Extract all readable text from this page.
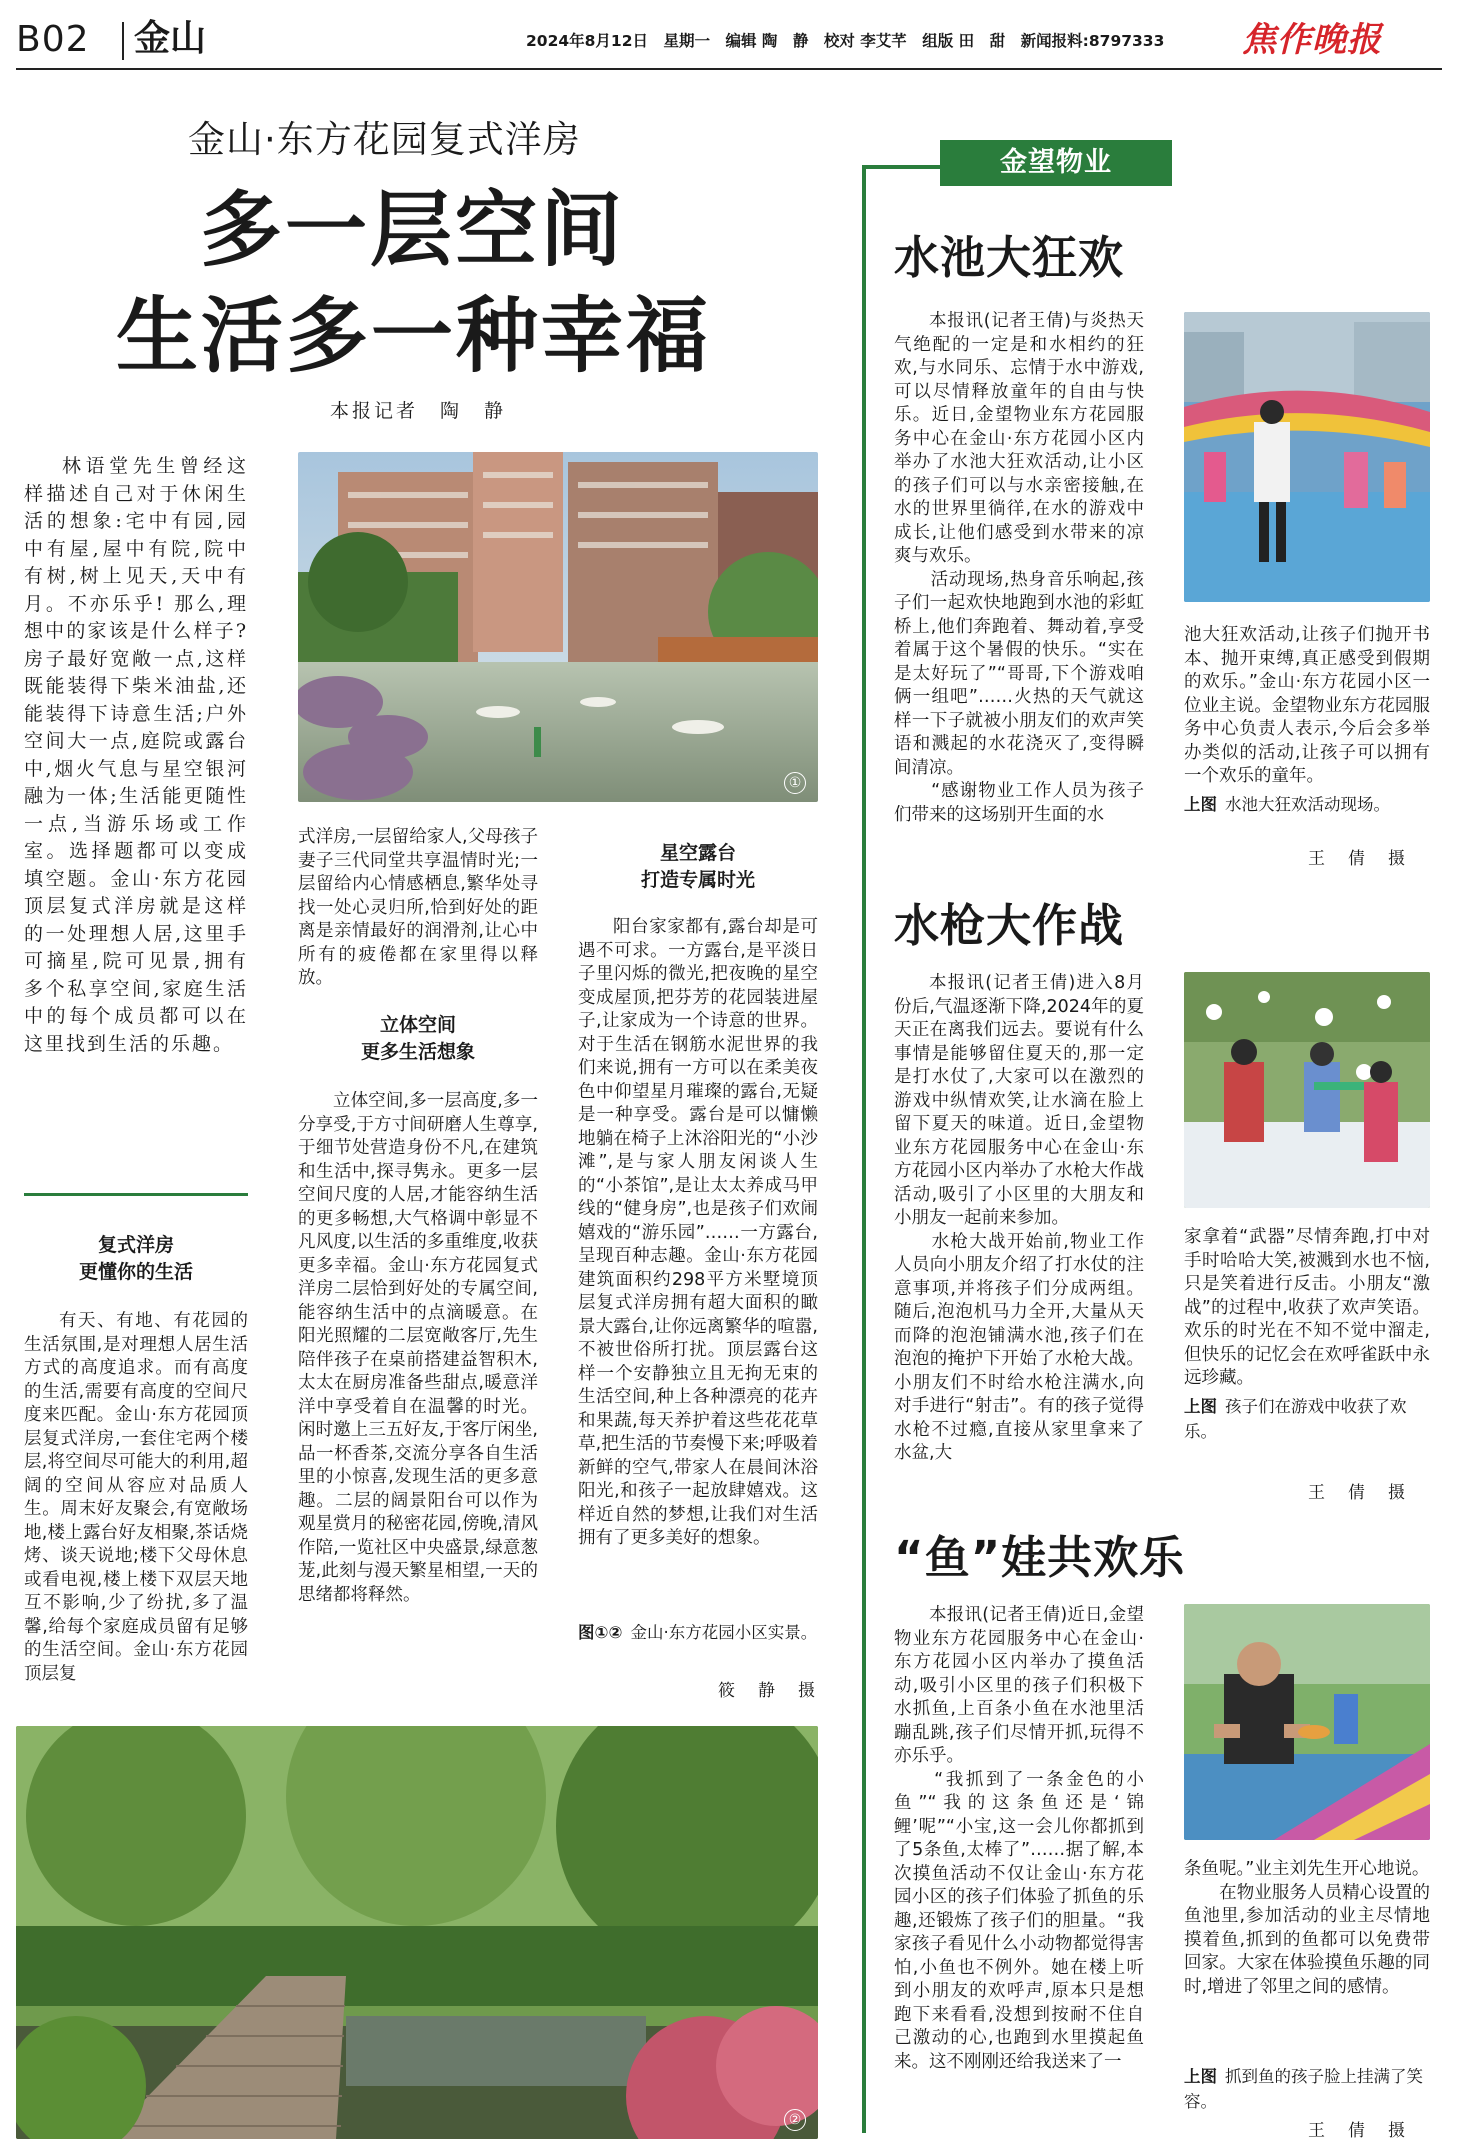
B02 金山	2024年8月12日　星期一　编辑 陶　静　校对 李艾芊　组版 田　甜　新闻报料:8797333 焦作晚报
金山·东方花园复式洋房
多一层空间
生活多一种幸福
本报记者　陶　静
林语堂先生曾经这样描述自己对于休闲生活的想象:宅中有园,园中有屋,屋中有院,院中有树,树上见天,天中有月。不亦乐乎! 那么,理想中的家该是什么样子? 房子最好宽敞一点,这样既能装得下柴米油盐,还能装得下诗意生活;户外空间大一点,庭院或露台中,烟火气息与星空银河融为一体;生活能更随性一点,当游乐场或工作室。选择题都可以变成填空题。金山·东方花园顶层复式洋房就是这样的一处理想人居,这里手可摘星,院可见景,拥有多个私享空间,家庭生活中的每个成员都可以在这里找到生活的乐趣。
复式洋房
更懂你的生活
有天、有地、有花园的生活氛围,是对理想人居生活方式的高度追求。而有高度的生活,需要有高度的空间尺度来匹配。金山·东方花园顶层复式洋房,一套住宅两个楼层,将空间尽可能大的利用,超阔的空间从容应对品质人生。周末好友聚会,有宽敞场地,楼上露台好友相聚,茶话烧烤、谈天说地;楼下父母休息或看电视,楼上楼下双层天地互不影响,少了纷扰,多了温馨,给每个家庭成员留有足够的生活空间。金山·东方花园顶层复
①
式洋房,一层留给家人,父母孩子妻子三代同堂共享温情时光;一层留给内心情感栖息,繁华处寻找一处心灵归所,恰到好处的距离是亲情最好的润滑剂,让心中所有的疲倦都在家里得以释放。
立体空间
更多生活想象
立体空间,多一层高度,多一分享受,于方寸间研磨人生尊享,于细节处营造身份不凡,在建筑和生活中,探寻隽永。更多一层空间尺度的人居,才能容纳生活的更多畅想,大气格调中彰显不凡风度,以生活的多重维度,收获更多幸福。金山·东方花园复式洋房二层恰到好处的专属空间,能容纳生活中的点滴暖意。在阳光照耀的二层宽敞客厅,先生陪伴孩子在桌前搭建益智积木,太太在厨房准备些甜点,暖意洋洋中享受着自在温馨的时光。闲时邀上三五好友,于客厅闲坐,品一杯香茶,交流分享各自生活里的小惊喜,发现生活的更多意趣。二层的阔景阳台可以作为观星赏月的秘密花园,傍晚,清风作陪,一览社区中央盛景,绿意葱茏,此刻与漫天繁星相望,一天的思绪都将释然。
星空露台
打造专属时光
阳台家家都有,露台却是可遇不可求。一方露台,是平淡日子里闪烁的微光,把夜晚的星空变成屋顶,把芬芳的花园装进屋子,让家成为一个诗意的世界。对于生活在钢筋水泥世界的我们来说,拥有一方可以在柔美夜色中仰望星月璀璨的露台,无疑是一种享受。露台是可以慵懒地躺在椅子上沐浴阳光的“小沙滩”,是与家人朋友闲谈人生的“小茶馆”,是让太太养成马甲线的“健身房”,也是孩子们欢闹嬉戏的“游乐园”……一方露台,呈现百种志趣。金山·东方花园建筑面积约298平方米墅境顶层复式洋房拥有超大面积的瞰景大露台,让你远离繁华的喧嚣,不被世俗所打扰。顶层露台这样一个安静独立且无拘无束的生活空间,种上各种漂亮的花卉和果蔬,每天养护着这些花花草草,把生活的节奏慢下来;呼吸着新鲜的空气,带家人在晨间沐浴阳光,和孩子一起放肆嬉戏。这样近自然的梦想,让我们对生活拥有了更多美好的想象。
图①② 金山·东方花园小区实景。
筱　静　摄
②
金望物业
水池大狂欢
本报讯(记者王倩)与炎热天气绝配的一定是和水相约的狂欢,与水同乐、忘情于水中游戏,可以尽情释放童年的自由与快乐。近日,金望物业东方花园服务中心在金山·东方花园小区内举办了水池大狂欢活动,让小区的孩子们可以与水亲密接触,在水的世界里徜徉,在水的游戏中成长,让他们感受到水带来的凉爽与欢乐。
　　活动现场,热身音乐响起,孩子们一起欢快地跑到水池的彩虹桥上,他们奔跑着、舞动着,享受着属于这个暑假的快乐。“实在是太好玩了”“哥哥,下个游戏咱俩一组吧”……火热的天气就这样一下子就被小朋友们的欢声笑语和溅起的水花浇灭了,变得瞬间清凉。
　　“感谢物业工作人员为孩子们带来的这场别开生面的水
池大狂欢活动,让孩子们抛开书本、抛开束缚,真正感受到假期的欢乐。”金山·东方花园小区一位业主说。金望物业东方花园服务中心负责人表示,今后会多举办类似的活动,让孩子可以拥有一个欢乐的童年。
上图 水池大狂欢活动现场。
王　倩　摄
水枪大作战
本报讯(记者王倩)进入8月份后,气温逐渐下降,2024年的夏天正在离我们远去。要说有什么事情是能够留住夏天的,那一定是打水仗了,大家可以在激烈的游戏中纵情欢笑,让水滴在脸上留下夏天的味道。近日,金望物业东方花园服务中心在金山·东方花园小区内举办了水枪大作战活动,吸引了小区里的大朋友和小朋友一起前来参加。
　　水枪大战开始前,物业工作人员向小朋友介绍了打水仗的注意事项,并将孩子们分成两组。随后,泡泡机马力全开,大量从天而降的泡泡铺满水池,孩子们在泡泡的掩护下开始了水枪大战。小朋友们不时给水枪注满水,向对手进行“射击”。有的孩子觉得水枪不过瘾,直接从家里拿来了水盆,大
家拿着“武器”尽情奔跑,打中对手时哈哈大笑,被溅到水也不恼,只是笑着进行反击。小朋友“激战”的过程中,收获了欢声笑语。欢乐的时光在不知不觉中溜走,但快乐的记忆会在欢呼雀跃中永远珍藏。
上图 孩子们在游戏中收获了欢乐。
王　倩　摄
“鱼”娃共欢乐
本报讯(记者王倩)近日,金望物业东方花园服务中心在金山·东方花园小区内举办了摸鱼活动,吸引小区里的孩子们积极下水抓鱼,上百条小鱼在水池里活蹦乱跳,孩子们尽情开抓,玩得不亦乐乎。
　　“我抓到了一条金色的小鱼”“我的这条鱼还是‘锦鲤’呢”“小宝,这一会儿你都抓到了5条鱼,太棒了”……据了解,本次摸鱼活动不仅让金山·东方花园小区的孩子们体验了抓鱼的乐趣,还锻炼了孩子们的胆量。“我家孩子看见什么小动物都觉得害怕,小鱼也不例外。她在楼上听到小朋友的欢呼声,原本只是想跑下来看看,没想到按耐不住自己激动的心,也跑到水里摸起鱼来。这不刚刚还给我送来了一
条鱼呢。”业主刘先生开心地说。
　　在物业服务人员精心设置的鱼池里,参加活动的业主尽情地摸着鱼,抓到的鱼都可以免费带回家。大家在体验摸鱼乐趣的同时,增进了邻里之间的感情。
上图 抓到鱼的孩子脸上挂满了笑容。
王　倩　摄
